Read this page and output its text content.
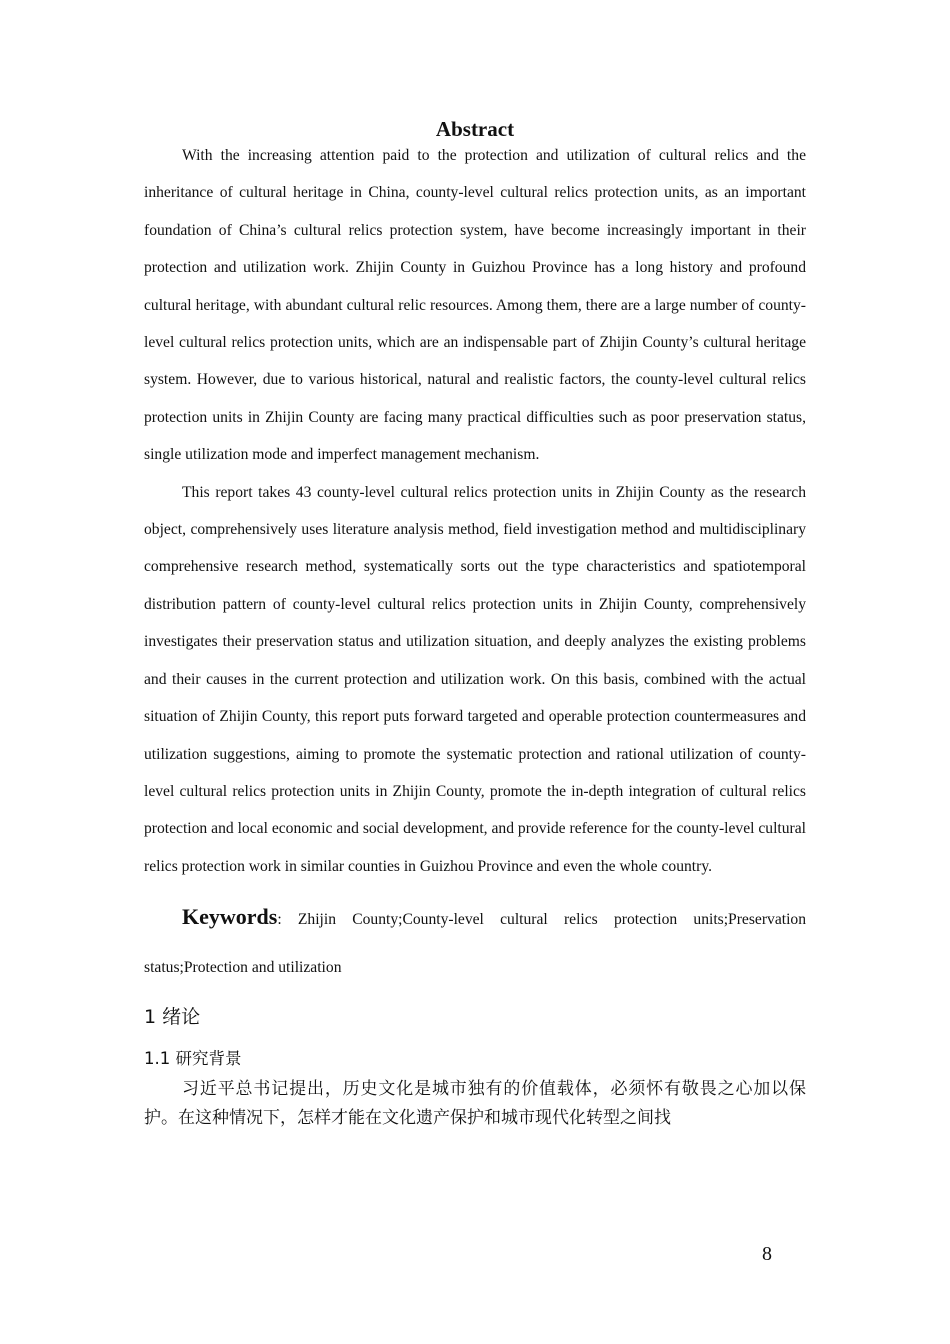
Abstract

With the increasing attention paid to the protection and utilization of cultural relics and the inheritance of cultural heritage in China, county-level cultural relics protection units, as an important foundation of China’s cultural relics protection system, have become increasingly important in their protection and utilization work. Zhijin County in Guizhou Province has a long history and profound cultural heritage, with abundant cultural relic resources. Among them, there are a large number of county-level cultural relics protection units, which are an indispensable part of Zhijin County’s cultural heritage system. However, due to various historical, natural and realistic factors, the county-level cultural relics protection units in Zhijin County are facing many practical difficulties such as poor preservation status, single utilization mode and imperfect management mechanism.

This report takes 43 county-level cultural relics protection units in Zhijin County as the research object, comprehensively uses literature analysis method, field investigation method and multidisciplinary comprehensive research method, systematically sorts out the type characteristics and spatiotemporal distribution pattern of county-level cultural relics protection units in Zhijin County, comprehensively investigates their preservation status and utilization situation, and deeply analyzes the existing problems and their causes in the current protection and utilization work. On this basis, combined with the actual situation of Zhijin County, this report puts forward targeted and operable protection countermeasures and utilization suggestions, aiming to promote the systematic protection and rational utilization of county-level cultural relics protection units in Zhijin County, promote the in-depth integration of cultural relics protection and local economic and social development, and provide reference for the county-level cultural relics protection work in similar counties in Guizhou Province and even the whole country.

Keywords: Zhijin County;County-level cultural relics protection units;Preservation status;Protection and utilization

1 绪论
1.1 研究背景

习近平总书记提出，历史文化是城市独有的价值载体，必须怀有敬畏之心加以保护。在这种情况下，怎样才能在文化遗产保护和城市现代化转型之间找

8
